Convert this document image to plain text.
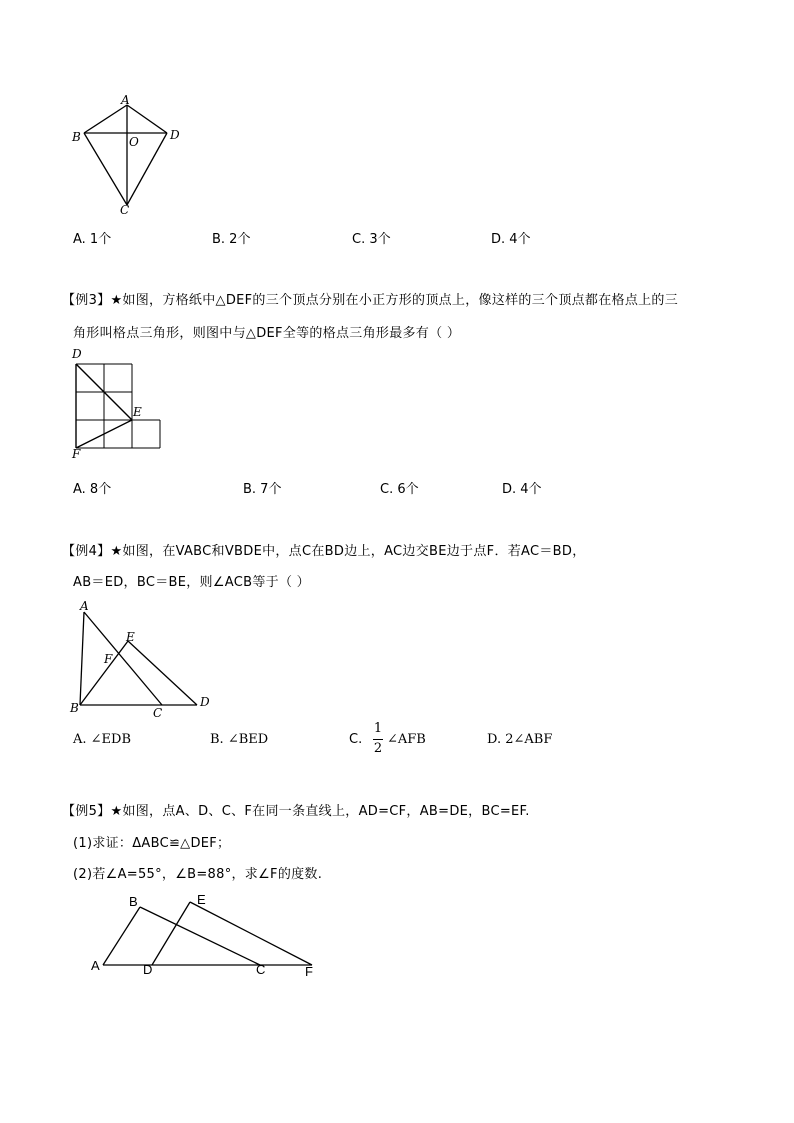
A
B	D
O
C
A. 1个	B. 2个	C. 3个	D. 4个
【例3】★如图，方格纸中△DEF的三个顶点分别在小正方形的顶点上，像这样的三个顶点都在格点上的三
角形叫格点三角形，则图中与△DEF全等的格点三角形最多有（ ）
D
E
F
A. 8个	B. 7个	C. 6个	D. 4个
【例4】★如图，在VABC和VBDE中，点C在BD边上，AC边交BE边于点F．若AC＝BD，
AB＝ED，BC＝BE，则∠ACB等于（ ）
A
E
F
B	C
D
A. ∠EDB	B. ∠BED	C.
1
2
∠AFB	D. 2∠ABF
【例5】★如图，点A、D、C、F在同一条直线上，AD=CF，AB=DE，BC=EF.
(1)求证：ΔABC≌△DEF；
(2)若∠A=55°，∠B=88°，求∠F的度数.
B	E
A	D	C	F
